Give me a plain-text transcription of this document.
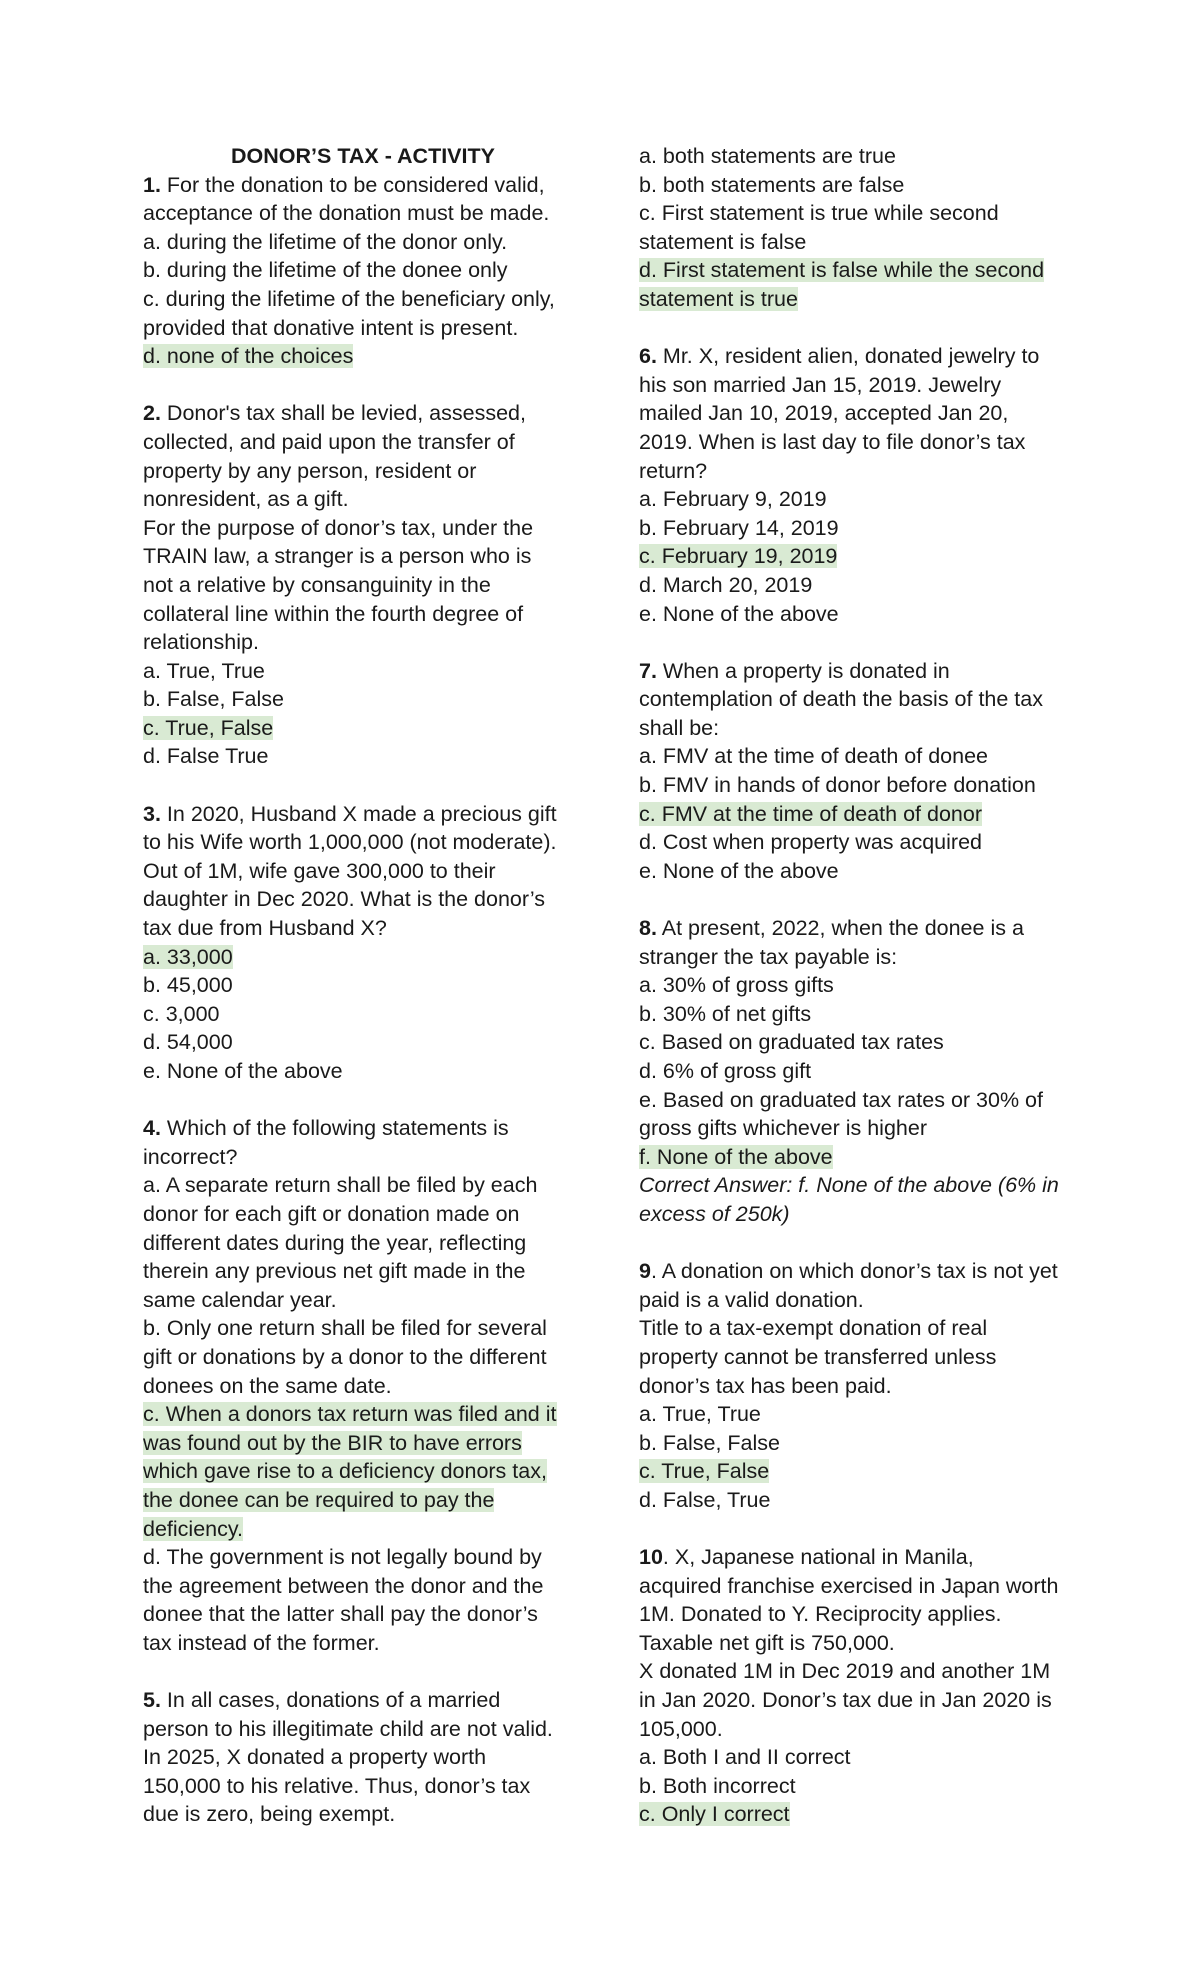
DONOR’S TAX - ACTIVITY
1. For the donation to be considered valid,
acceptance of the donation must be made.
a. during the lifetime of the donor only.
b. during the lifetime of the donee only
c. during the lifetime of the beneficiary only,
provided that donative intent is present.
d. none of the choices
2. Donor's tax shall be levied, assessed,
collected, and paid upon the transfer of
property by any person, resident or
nonresident, as a gift.
For the purpose of donor’s tax, under the
TRAIN law, a stranger is a person who is
not a relative by consanguinity in the
collateral line within the fourth degree of
relationship.
a. True, True
b. False, False
c. True, False
d. False True
3. In 2020, Husband X made a precious gift
to his Wife worth 1,000,000 (not moderate).
Out of 1M, wife gave 300,000 to their
daughter in Dec 2020. What is the donor’s
tax due from Husband X?
a. 33,000
b. 45,000
c. 3,000
d. 54,000
e. None of the above
4. Which of the following statements is
incorrect?
a. A separate return shall be filed by each
donor for each gift or donation made on
different dates during the year, reflecting
therein any previous net gift made in the
same calendar year.
b. Only one return shall be filed for several
gift or donations by a donor to the different
donees on the same date.
c. When a donors tax return was filed and it
was found out by the BIR to have errors
which gave rise to a deficiency donors tax,
the donee can be required to pay the
deficiency.
d. The government is not legally bound by
the agreement between the donor and the
donee that the latter shall pay the donor’s
tax instead of the former.
5. In all cases, donations of a married
person to his illegitimate child are not valid.
In 2025, X donated a property worth
150,000 to his relative. Thus, donor’s tax
due is zero, being exempt.
a. both statements are true
b. both statements are false
c. First statement is true while second
statement is false
d. First statement is false while the second
statement is true
6. Mr. X, resident alien, donated jewelry to
his son married Jan 15, 2019. Jewelry
mailed Jan 10, 2019, accepted Jan 20,
2019. When is last day to file donor’s tax
return?
a. February 9, 2019
b. February 14, 2019
c. February 19, 2019
d. March 20, 2019
e. None of the above
7. When a property is donated in
contemplation of death the basis of the tax
shall be:
a. FMV at the time of death of donee
b. FMV in hands of donor before donation
c. FMV at the time of death of donor
d. Cost when property was acquired
e. None of the above
8. At present, 2022, when the donee is a
stranger the tax payable is:
a. 30% of gross gifts
b. 30% of net gifts
c. Based on graduated tax rates
d. 6% of gross gift
e. Based on graduated tax rates or 30% of
gross gifts whichever is higher
f. None of the above
Correct Answer: f. None of the above (6% in
excess of 250k)
9. A donation on which donor’s tax is not yet
paid is a valid donation.
Title to a tax-exempt donation of real
property cannot be transferred unless
donor’s tax has been paid.
a. True, True
b. False, False
c. True, False
d. False, True
10. X, Japanese national in Manila,
acquired franchise exercised in Japan worth
1M. Donated to Y. Reciprocity applies.
Taxable net gift is 750,000.
X donated 1M in Dec 2019 and another 1M
in Jan 2020. Donor’s tax due in Jan 2020 is
105,000.
a. Both I and II correct
b. Both incorrect
c. Only I correct
